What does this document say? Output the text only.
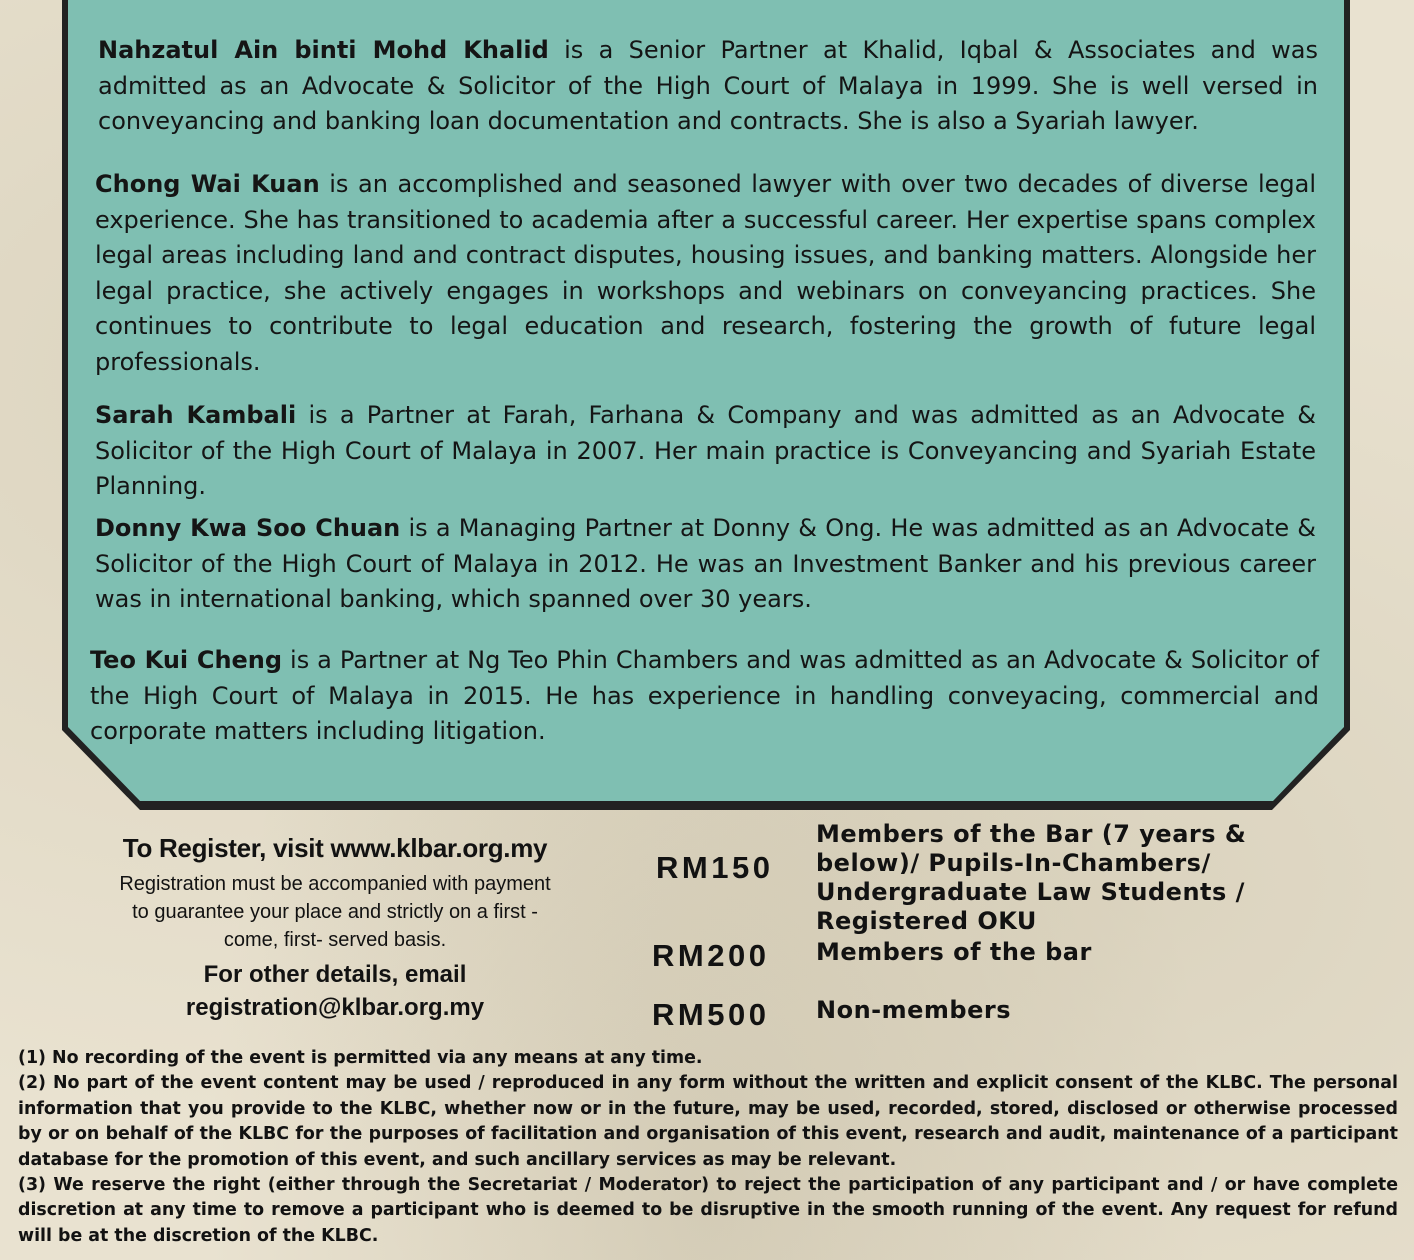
Nahzatul Ain binti Mohd Khalid is a Senior Partner at Khalid, Iqbal & Associates and was admitted as an Advocate & Solicitor of the High Court of Malaya in 1999. She is well versed in conveyancing and banking loan documentation and contracts. She is also a Syariah lawyer.

Chong Wai Kuan is an accomplished and seasoned lawyer with over two decades of diverse legal experience. She has transitioned to academia after a successful career. Her expertise spans complex legal areas including land and contract disputes, housing issues, and banking matters. Alongside her legal practice, she actively engages in workshops and webinars on conveyancing practices. She continues to contribute to legal education and research, fostering the growth of future legal professionals.

Sarah Kambali is a Partner at Farah, Farhana & Company and was admitted as an Advocate & Solicitor of the High Court of Malaya in 2007. Her main practice is Conveyancing and Syariah Estate Planning.

Donny Kwa Soo Chuan is a Managing Partner at Donny & Ong. He was admitted as an Advocate & Solicitor of the High Court of Malaya in 2012. He was an Investment Banker and his previous career was in international banking, which spanned over 30 years.

Teo Kui Cheng is a Partner at Ng Teo Phin Chambers and was admitted as an Advocate & Solicitor of the High Court of Malaya in 2015. He has experience in handling conveyacing, commercial and corporate matters including litigation.

To Register, visit www.klbar.org.my

Registration must be accompanied with payment to guarantee your place and strictly on a first - come, first- served basis.

For other details, email

registration@klbar.org.my

RM150
Members of the Bar (7 years & below)/ Pupils-In-Chambers/ Undergraduate Law Students / Registered OKU
RM200 Members of the bar
RM500 Non-members

(1) No recording of the event is permitted via any means at any time.

(2) No part of the event content may be used / reproduced in any form without the written and explicit consent of the KLBC. The personal information that you provide to the KLBC, whether now or in the future, may be used, recorded, stored, disclosed or otherwise processed by or on behalf of the KLBC for the purposes of facilitation and organisation of this event, research and audit, maintenance of a participant database for the promotion of this event, and such ancillary services as may be relevant.

(3) We reserve the right (either through the Secretariat / Moderator) to reject the participation of any participant and / or have complete discretion at any time to remove a participant who is deemed to be disruptive in the smooth running of the event. Any request for refund will be at the discretion of the KLBC.
